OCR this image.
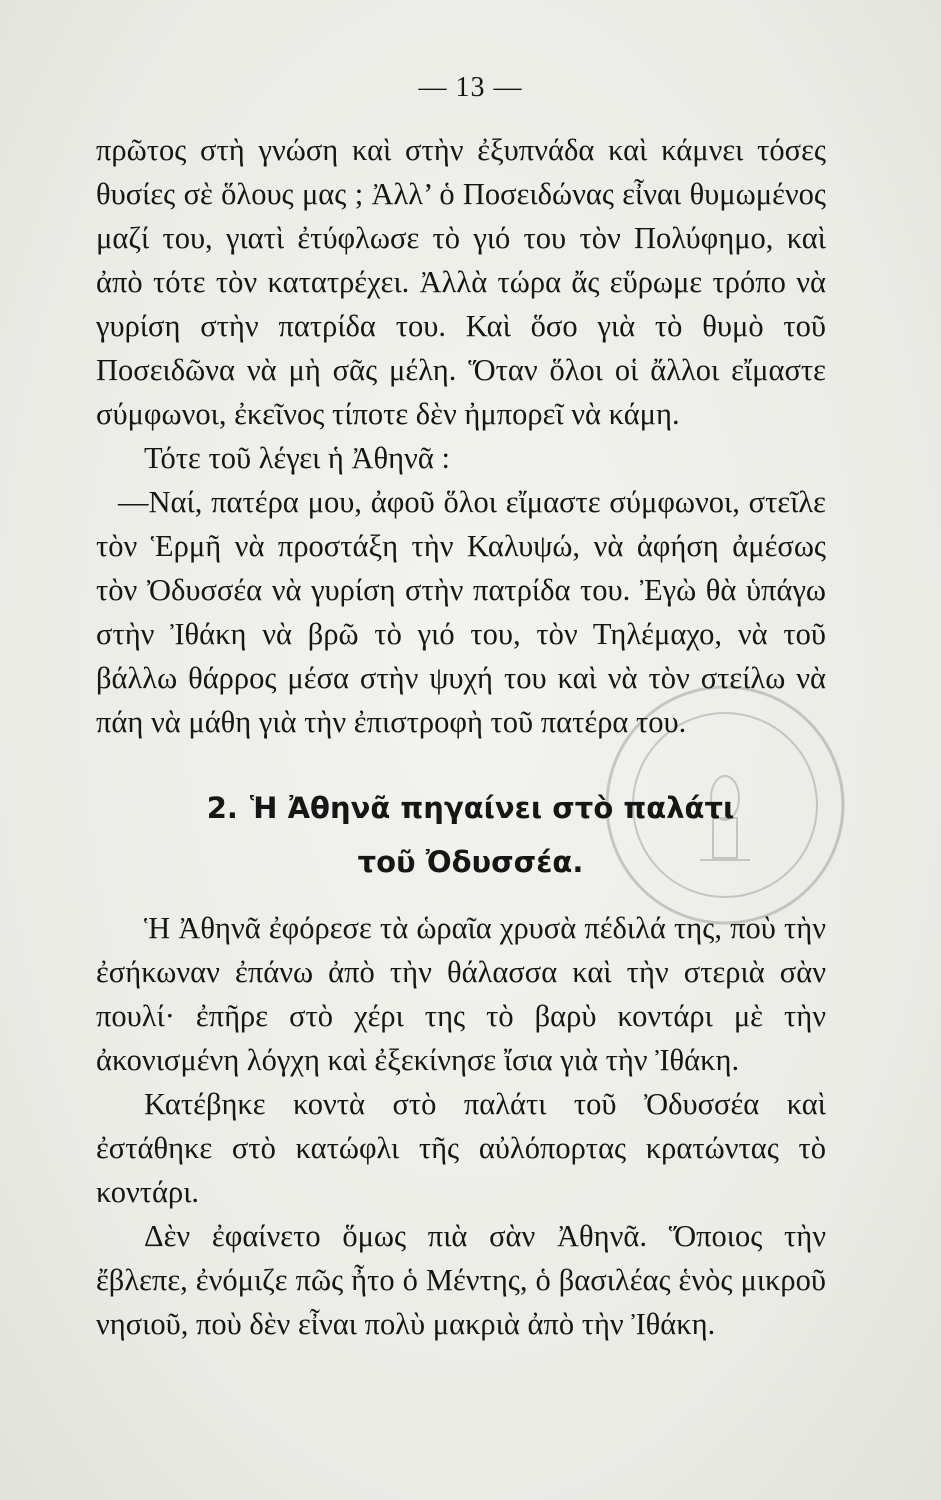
— 13 —

πρῶτος στὴ γνώση καὶ στὴν ἐξυπνάδα καὶ κάμνει τόσες θυσίες σὲ ὅλους μας ; Ἀλλ’ ὁ Ποσειδώνας εἶναι θυμωμένος μαζί του, γιατὶ ἐτύφλωσε τὸ γιό του τὸν Πολύφημο, καὶ ἀπὸ τότε τὸν κατατρέχει. Ἀλλὰ τώρα ἄς εὕρωμε τρόπο νὰ γυρίση στὴν πατρίδα του. Καὶ ὅσο γιὰ τὸ θυμὸ τοῦ Ποσειδῶνα νὰ μὴ σᾶς μέλη. Ὅταν ὅλοι οἱ ἄλλοι εἴμαστε σύμφωνοι, ἐκεῖνος τίποτε δὲν ἠμπορεῖ νὰ κάμη.

Τότε τοῦ λέγει ἡ Ἀθηνᾶ :

—Ναί, πατέρα μου, ἀφοῦ ὅλοι εἴμαστε σύμφωνοι, στεῖλε τὸν Ἑρμῆ νὰ προστάξη τὴν Καλυψώ, νὰ ἀφήση ἀμέσως τὸν Ὀδυσσέα νὰ γυρίση στὴν πατρίδα του. Ἐγὼ θὰ ὑπάγω στὴν Ἰθάκη νὰ βρῶ τὸ γιό του, τὸν Τηλέμαχο, νὰ τοῦ βάλλω θάρρος μέσα στὴν ψυχή του καὶ νὰ τὸν στείλω νὰ πάη νὰ μάθη γιὰ τὴν ἐπιστροφὴ τοῦ πατέρα του.

2. Ἡ Ἀθηνᾶ πηγαίνει στὸ παλάτι
τοῦ Ὀδυσσέα.

Ἡ Ἀθηνᾶ ἐφόρεσε τὰ ὡραῖα χρυσὰ πέδιλά της, ποὺ τὴν ἐσήκωναν ἐπάνω ἀπὸ τὴν θάλασσα καὶ τὴν στεριὰ σὰν πουλί· ἐπῆρε στὸ χέρι της τὸ βαρὺ κοντάρι μὲ τὴν ἀκονισμένη λόγχη καὶ ἐξεκίνησε ἴσια γιὰ τὴν Ἰθάκη.

Κατέβηκε κοντὰ στὸ παλάτι τοῦ Ὀδυσσέα καὶ ἐστάθηκε στὸ κατώφλι τῆς αὐλόπορτας κρατώντας τὸ κοντάρι.

Δὲν ἐφαίνετο ὅμως πιὰ σὰν Ἀθηνᾶ. Ὅποιος τὴν ἔβλεπε, ἐνόμιζε πῶς ἦτο ὁ Μέντης, ὁ βασιλέας ἑνὸς μικροῦ νησιοῦ, ποὺ δὲν εἶναι πολὺ μακριὰ ἀπὸ τὴν Ἰθάκη.
